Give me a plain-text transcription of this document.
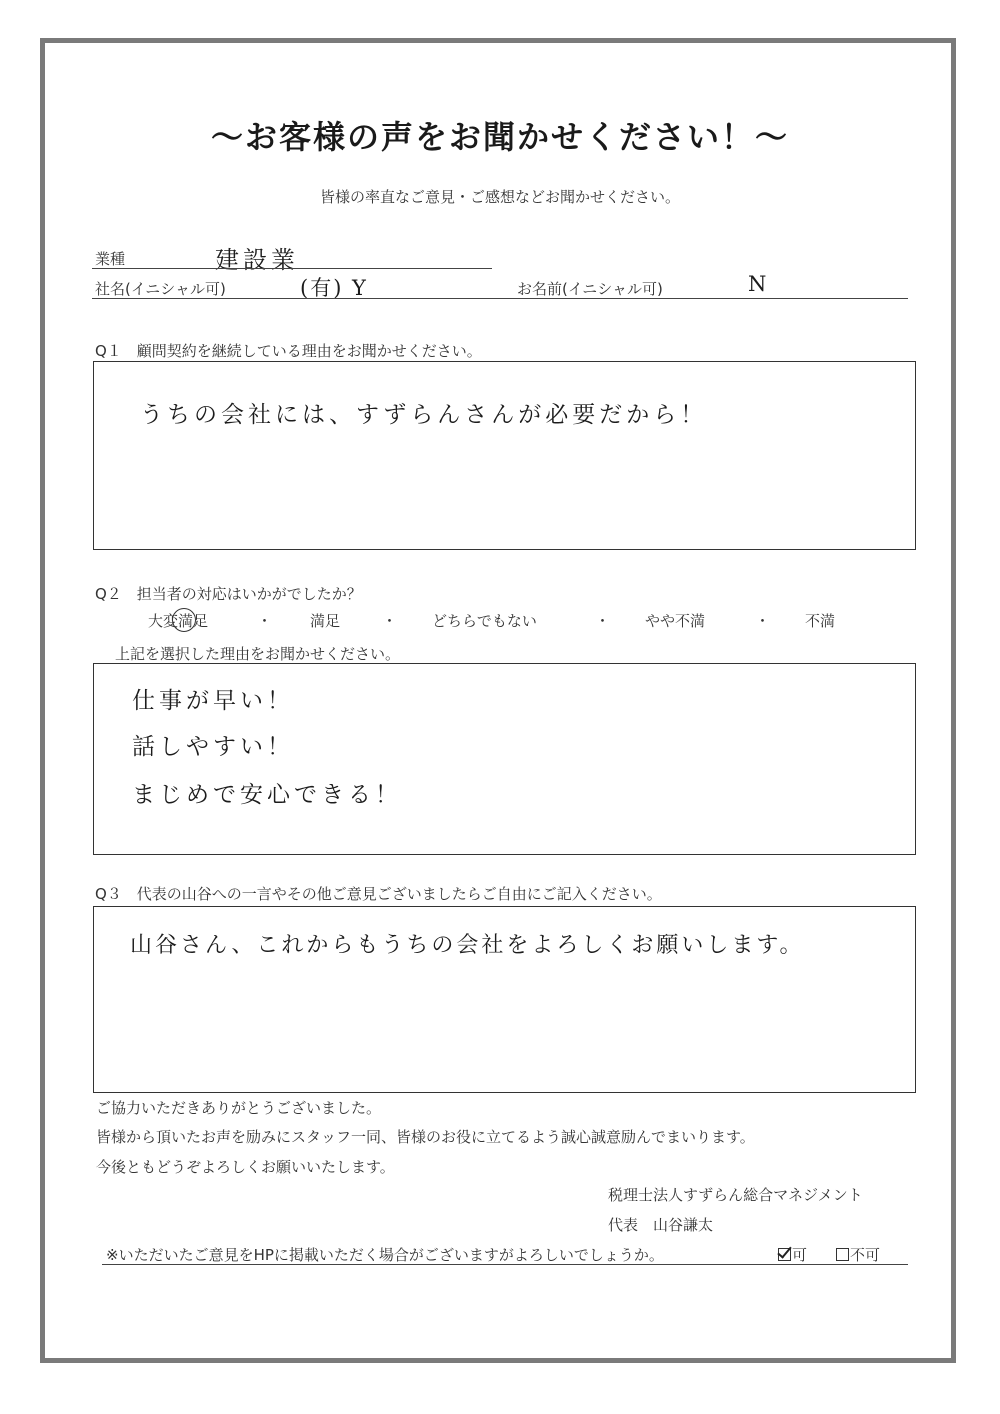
〜お客様の声をお聞かせください！〜
皆様の率直なご意見・ご感想などお聞かせください。
業種	建設業
社名(イニシャル可)	(有) Y	お名前(イニシャル可)	N
Q１　顧問契約を継続している理由をお聞かせください。
うちの会社には、すずらんさんが必要だから！
Q２　担当者の対応はいかがでしたか？
大変満足	・	満足	・ どちらでもない	・ やや不満	・ 不満
上記を選択した理由をお聞かせください。
仕事が早い！
話しやすい！
まじめで安心できる！
Q３　代表の山谷への一言やその他ご意見ございましたらご自由にご記入ください。
山谷さん、これからもうちの会社をよろしくお願いします。
ご協力いただきありがとうございました。
皆様から頂いたお声を励みにスタッフ一同、皆様のお役に立てるよう誠心誠意励んでまいります。
今後ともどうぞよろしくお願いいたします。
税理士法人すずらん総合マネジメント
代表　山谷謙太
※いただいたご意見をHPに掲載いただく場合がございますがよろしいでしょうか。	可	不可
